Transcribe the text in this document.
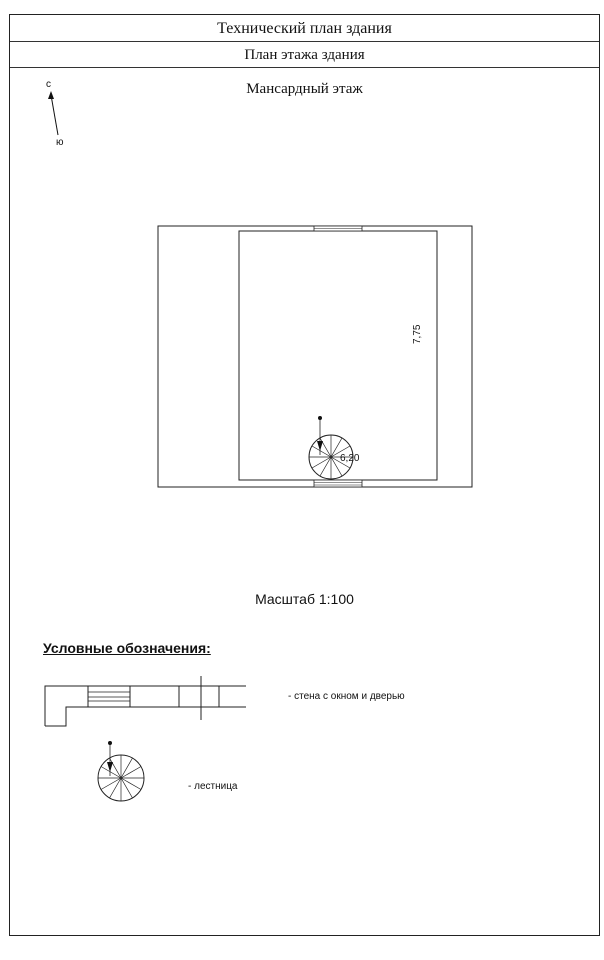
Технический план здания
План этажа здания
Мансардный этаж
с
ю
Масштаб 1:100
Условные обозначения:
- стена с окном и дверью
- лестница
7,75
6,20
